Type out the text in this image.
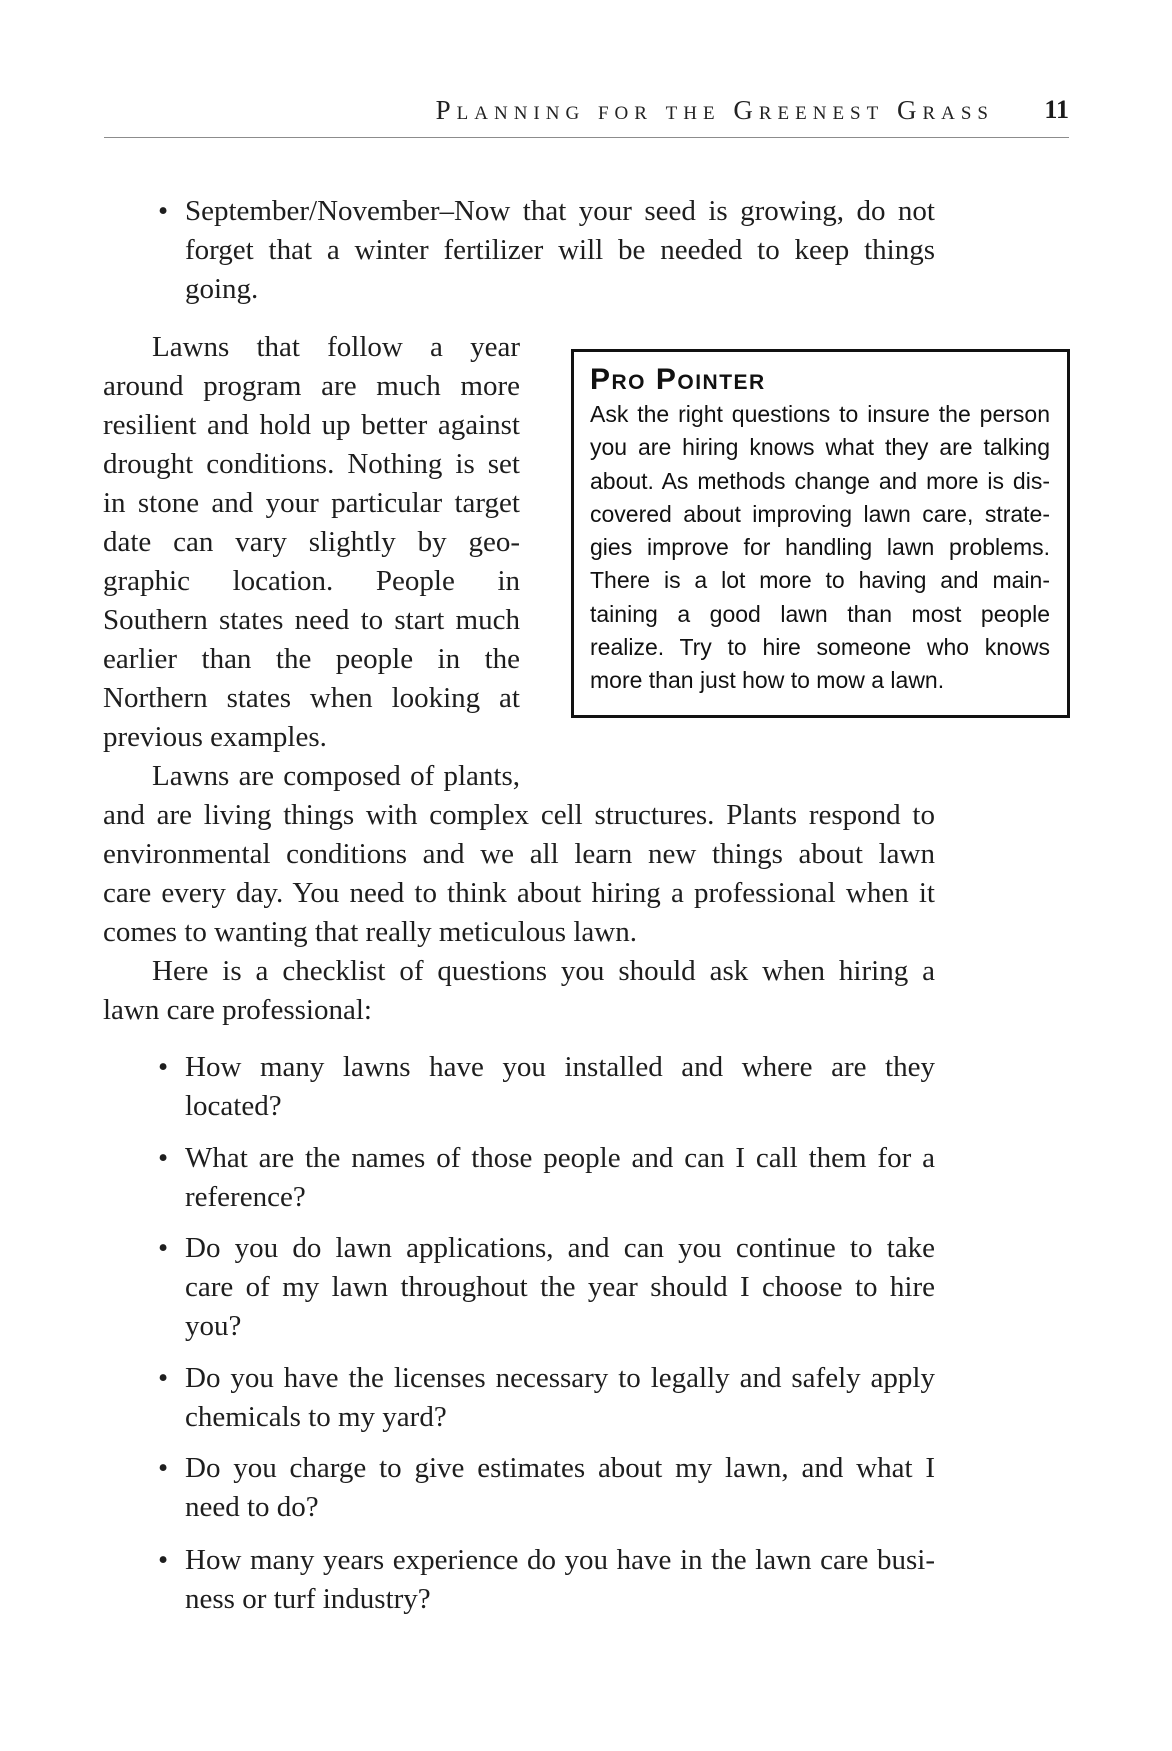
Planning for the Greenest Grass 11
• September/November–Now that your seed is growing, do not
forget that a winter fertilizer will be needed to keep things
going.
Lawns that follow a year
around program are much more
resilient and hold up better against
drought conditions. Nothing is set
in stone and your particular target
date can vary slightly by geo-
graphic location. People in
Southern states need to start much
earlier than the people in the
Northern states when looking at
previous examples.
Lawns are composed of plants,
and are living things with complex cell structures. Plants respond to
environmental conditions and we all learn new things about lawn
care every day. You need to think about hiring a professional when it
comes to wanting that really meticulous lawn.
Here is a checklist of questions you should ask when hiring a
lawn care professional:
Pro Pointer
Ask the right questions to insure the person
you are hiring knows what they are talking
about. As methods change and more is dis-
covered about improving lawn care, strate-
gies improve for handling lawn problems.
There is a lot more to having and main-
taining a good lawn than most people
realize. Try to hire someone who knows
more than just how to mow a lawn.
• How many lawns have you installed and where are they
located?
• What are the names of those people and can I call them for a
reference?
• Do you do lawn applications, and can you continue to take
care of my lawn throughout the year should I choose to hire
you?
• Do you have the licenses necessary to legally and safely apply
chemicals to my yard?
• Do you charge to give estimates about my lawn, and what I
need to do?
• How many years experience do you have in the lawn care busi-
ness or turf industry?
